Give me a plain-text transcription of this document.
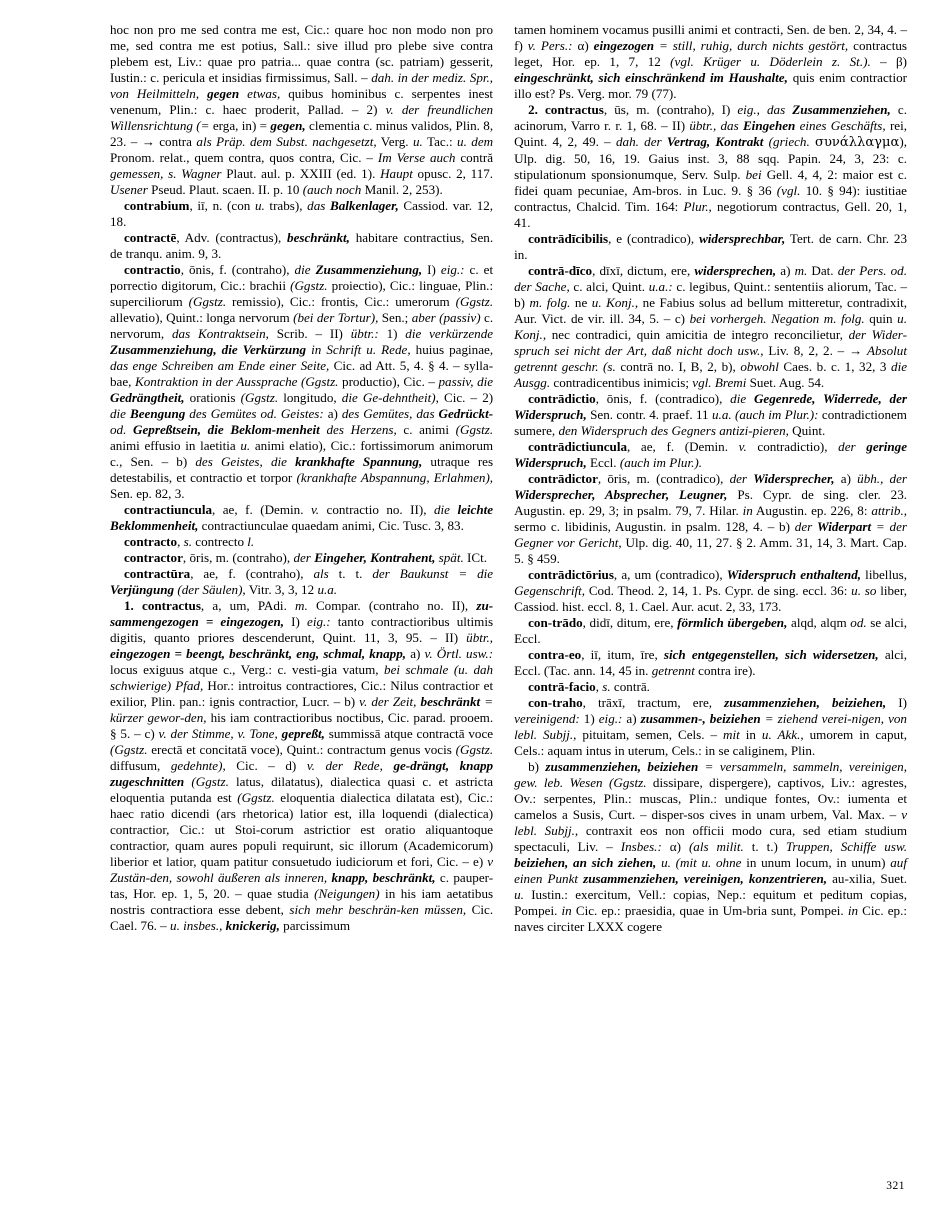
hoc non pro me sed contra me est, Cic.: quare hoc non modo non pro me, sed contra me est potius, Sall.: sive illud pro plebe sive contra plebem est, Liv.: quae pro patria... quae contra (sc. patriam) gesserit, Iustin.: c. pericula et insidias firmissimus, Sall. – dah. in der mediz. Spr., von Heilmitteln, gegen etwas, quibus hominibus c. serpentes inest venenum, Plin.: c. haec proderit, Pallad. – 2) v. der freundlichen Willensrichtung (= erga, in) = gegen, clementia c. minus validos, Plin. 8, 23. – → contra als Präp. dem Subst. nachgesetzt, Verg. u. Tac.: u. dem Pronom. relat., quem contra, quos contra, Cic. – Im Verse auch contră gemessen, s. Wagner Plaut. aul. p. XXIII (ed. 1). Haupt opusc. 2, 117. Usener Pseud. Plaut. scaen. II. p. 10 (auch noch Manil. 2, 253).

contrabium, iī, n. (con u. trabs), das Balkenlager, Cassiod. var. 12, 18.

contractē, Adv. (contractus), beschränkt, habitare contractius, Sen. de tranqu. anim. 9, 3.

contractio, ōnis, f. (contraho), die Zusammenziehung, I) eig.: c. et porrectio digitorum, Cic.: brachii (Ggstz. proiectio), Cic.: linguae, Plin.: superciliorum (Ggstz. remissio), Cic.: frontis, Cic.: umerorum (Ggstz. allevatio), Quint.: longa nervorum (bei der Tortur), Sen.; aber (passiv) c. nervorum, das Kontraktsein, Scrib. – II) übtr.: 1) die verkürzende Zusammenziehung, die Verkürzung in Schrift u. Rede, huius paginae, das enge Schreiben am Ende einer Seite, Cic. ad Att. 5, 4. § 4. – sylla-bae, Kontraktion in der Aussprache (Ggstz. productio), Cic. – passiv, die Gedrängtheit, orationis (Ggstz. longitudo, die Ge-dehntheit), Cic. – 2) die Beengung des Gemütes od. Geistes: a) des Gemütes, das Gedrückt- od. Gepreßtsein, die Beklom-menheit des Herzens, c. animi (Ggstz. animi effusio in laetitia u. animi elatio), Cic.: fortissimorum animorum c., Sen. – b) des Geistes, die krankhafte Spannung, utraque res detestabilis, et contractio et torpor (krankhafte Abspannung, Erlahmen), Sen. ep. 82, 3.

contractiuncula, ae, f. (Demin. v. contractio no. II), die leichte Beklommenheit, contractiunculae quaedam animi, Cic. Tusc. 3, 83.

contracto, s. contrecto l.

contractor, ōris, m. (contraho), der Eingeher, Kontrahent, spät. ICt.

contractūra, ae, f. (contraho), als t. t. der Baukunst = die Verjüngung (der Säulen), Vitr. 3, 3, 12 u.a.

1. contractus, a, um, PAdi. m. Compar. (contraho no. II), zu-sammengezogen = eingezogen, I) eig.: tanto contractioribus ultimis digitis, quanto priores descenderunt, Quint. 11, 3, 95. – II) übtr., eingezogen = beengt, beschränkt, eng, schmal, knapp, a) v. Örtl. usw.: locus exiguus atque c., Verg.: c. vesti-gia vatum, bei schmale (u. dah schwierige) Pfad, Hor.: introitus contractiores, Cic.: Nilus contractior et exilior, Plin. pan.: ignis contractior, Lucr. – b) v. der Zeit, beschränkt = kürzer gewor-den, his iam contractioribus noctibus, Cic. parad. prooem. § 5. – c) v. der Stimme, v. Tone, gepreßt, summissā atque contractā voce (Ggstz. erectā et concitatā voce), Quint.: contractum genus vocis (Ggstz. diffusum, gedehnte), Cic. – d) v. der Rede, ge-drängt, knapp zugeschnitten (Ggstz. latus, dilatatus), dialectica quasi c. et astricta eloquentia putanda est (Ggstz. eloquentia dialectica dilatata est), Cic.: haec ratio dicendi (ars rhetorica) latior est, illa loquendi (dialectica) contractior, Cic.: ut Stoi-corum astrictior est oratio aliquantoque contractior, quam aures populi requirunt, sic illorum (Academicorum) liberior et latior, quam patitur consuetudo iudiciorum et fori, Cic. – e) v Zustän-den, sowohl äußeren als inneren, knapp, beschränkt, c. pauper-tas, Hor. ep. 1, 5, 20. – quae studia (Neigungen) in his iam aetatibus nostris contractiora esse debent, sich mehr beschrän-ken müssen, Cic. Cael. 76. – u. insbes., knickerig, parcissimum

tamen hominem vocamus pusilli animi et contracti, Sen. de ben. 2, 34, 4. – f) v. Pers.: α) eingezogen = still, ruhig, durch nichts gestört, contractus leget, Hor. ep. 1, 7, 12 (vgl. Krüger u. Döderlein z. St.). – β) eingeschränkt, sich einschränkend im Haushalte, quis enim contractior illo est? Ps. Verg. mor. 79 (77).

2. contractus, ūs, m. (contraho), I) eig., das Zusammenziehen, c. acinorum, Varro r. r. 1, 68. – II) übtr., das Eingehen eines Geschäfts, rei, Quint. 4, 2, 49. – dah. der Vertrag, Kontrakt (griech. συνάλλαγμα), Ulp. dig. 50, 16, 19. Gaius inst. 3, 88 sqq. Papin. 24, 3, 23: c. stipulationum sponsionumque, Serv. Sulp. bei Gell. 4, 4, 2: maior est c. fidei quam pecuniae, Am-bros. in Luc. 9. § 36 (vgl. 10. § 94): iustitiae contractus, Chalcid. Tim. 164: Plur., negotiorum contractus, Gell. 20, 1, 41.

contrādīcibilis, e (contradico), widersprechbar, Tert. de carn. Chr. 23 in.

contrā-dīco, dīxī, dictum, ere, widersprechen, a) m. Dat. der Pers. od. der Sache, c. alci, Quint. u.a.: c. legibus, Quint.: sententiis aliorum, Tac. – b) m. folg. ne u. Konj., ne Fabius solus ad bellum mitteretur, contradixit, Aur. Vict. de vir. ill. 34, 5. – c) bei vorhergeh. Negation m. folg. quin u. Konj., nec contradici, quin amicitia de integro reconcilietur, der Wider-spruch sei nicht der Art, daß nicht doch usw., Liv. 8, 2, 2. – → Absolut getrennt geschr. (s. contrā no. I, B, 2, b), obwohl Caes. b. c. 1, 32, 3 die Ausgg. contradicentibus inimicis; vgl. Bremi Suet. Aug. 54.

contrādictio, ōnis, f. (contradico), die Gegenrede, Widerrede, der Widerspruch, Sen. contr. 4. praef. 11 u.a. (auch im Plur.): contradictionem sumere, den Widerspruch des Gegners antizi-pieren, Quint.

contrādictiuncula, ae, f. (Demin. v. contradictio), der geringe Widerspruch, Eccl. (auch im Plur.).

contrādictor, ōris, m. (contradico), der Widersprecher, a) übh., der Widersprecher, Absprecher, Leugner, Ps. Cypr. de sing. cler. 23. Augustin. ep. 29, 3; in psalm. 79, 7. Hilar. in Augustin. ep. 226, 8: attrib., sermo c. libidinis, Augustin. in psalm. 128, 4. – b) der Widerpart = der Gegner vor Gericht, Ulp. dig. 40, 11, 27. § 2. Amm. 31, 14, 3. Mart. Cap. 5. § 459.

contrādictōrius, a, um (contradico), Widerspruch enthaltend, libellus, Gegenschrift, Cod. Theod. 2, 14, 1. Ps. Cypr. de sing. eccl. 36: u. so liber, Cassiod. hist. eccl. 8, 1. Cael. Aur. acut. 2, 33, 173.

con-trādo, didī, ditum, ere, förmlich übergeben, alqd, alqm od. se alci, Eccl.

contra-eo, iī, itum, īre, sich entgegenstellen, sich widersetzen, alci, Eccl. (Tac. ann. 14, 45 in. getrennt contra ire).

contrā-facio, s. contrā.

con-traho, trāxī, tractum, ere, zusammenziehen, beiziehen, I) vereinigend: 1) eig.: a) zusammen-, beiziehen = ziehend verei-nigen, von lebl. Subjj., pituitam, semen, Cels. – mit in u. Akk., umorem in caput, Cels.: aquam intus in uterum, Cels.: in se caliginem, Plin.

b) zusammenziehen, beiziehen = versammeln, sammeln, vereinigen, gew. leb. Wesen (Ggstz. dissipare, dispergere), captivos, Liv.: agrestes, Ov.: serpentes, Plin.: muscas, Plin.: undique fontes, Ov.: iumenta et camelos a Susis, Curt. – disper-sos cives in unam urbem, Val. Max. – v lebl. Subjj., contraxit eos non officii modo cura, sed etiam studium spectaculi, Liv. – Insbes.: α) (als milit. t. t.) Truppen, Schiffe usw. beiziehen, an sich ziehen, u. (mit u. ohne in unum locum, in unum) auf einen Punkt zusammenziehen, vereinigen, konzentrieren, au-xilia, Suet. u. Iustin.: exercitum, Vell.: copias, Nep.: equitum et peditum copias, Pompei. in Cic. ep.: praesidia, quae in Um-bria sunt, Pompei. in Cic. ep.: naves circiter LXXX cogere

321
